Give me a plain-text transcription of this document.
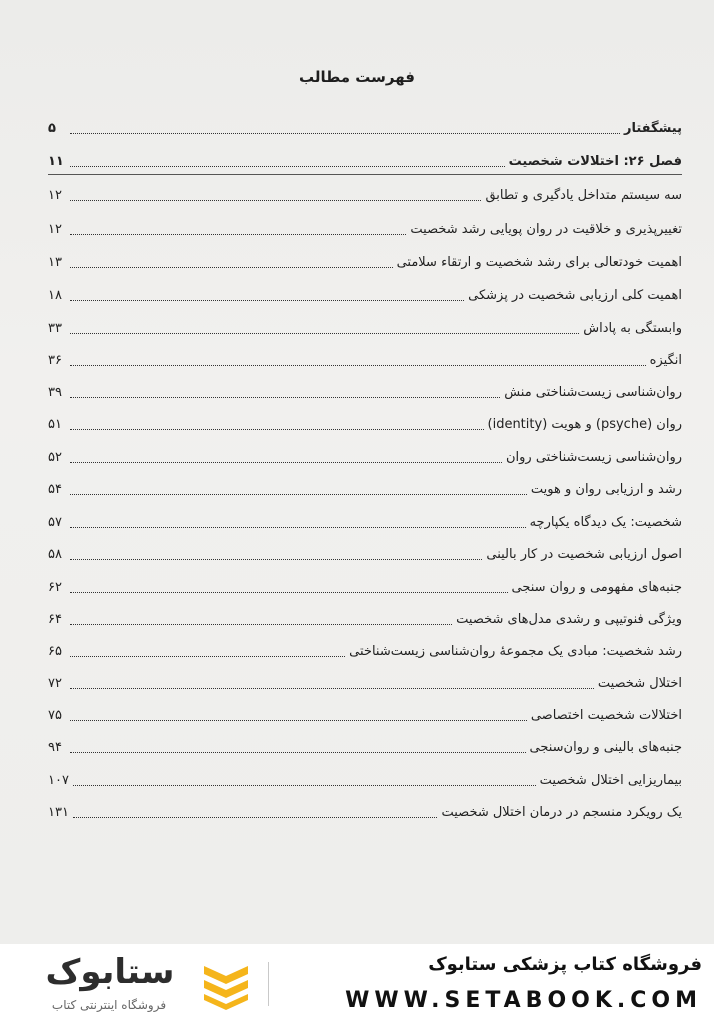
فهرست مطالب
پیشگفتار
۵
فصل ۲۶: اختلالات شخصیت
۱۱
سه سیستم متداخل یادگیری و تطابق
۱۲
تغییرپذیری و خلاقیت در روان پویایی رشد شخصیت
۱۲
اهمیت خودتعالی برای رشد شخصیت و ارتقاء سلامتی
۱۳
اهمیت کلی ارزیابی شخصیت در پزشکی
۱۸
وابستگی به پاداش
۳۳
انگیزه
۳۶
روان‌شناسی زیست‌شناختی منش
۳۹
روان (psyche) و هویت (identity)
۵۱
روان‌شناسی زیست‌شناختی روان
۵۲
رشد و ارزیابی روان و هویت
۵۴
شخصیت: یک دیدگاه یکپارچه
۵۷
اصول ارزیابی شخصیت در کار بالینی
۵۸
جنبه‌های مفهومی و روان سنجی
۶۲
ویژگی فنوتیپی و رشدی مدل‌های شخصیت
۶۴
رشد شخصیت: مبادی یک مجموعهٔ روان‌شناسی زیست‌شناختی
۶۵
اختلال شخصیت
۷۲
اختلالات شخصیت اختصاصی
۷۵
جنبه‌های بالینی و روان‌سنجی
۹۴
بیماریزایی اختلال شخصیت
۱۰۷
یک رویکرد منسجم در درمان اختلال شخصیت
۱۳۱
فروشگاه کتاب پزشکی ستابوک
WWW.SETABOOK.COM
ستابوک
فروشگاه اینترنتی کتاب
